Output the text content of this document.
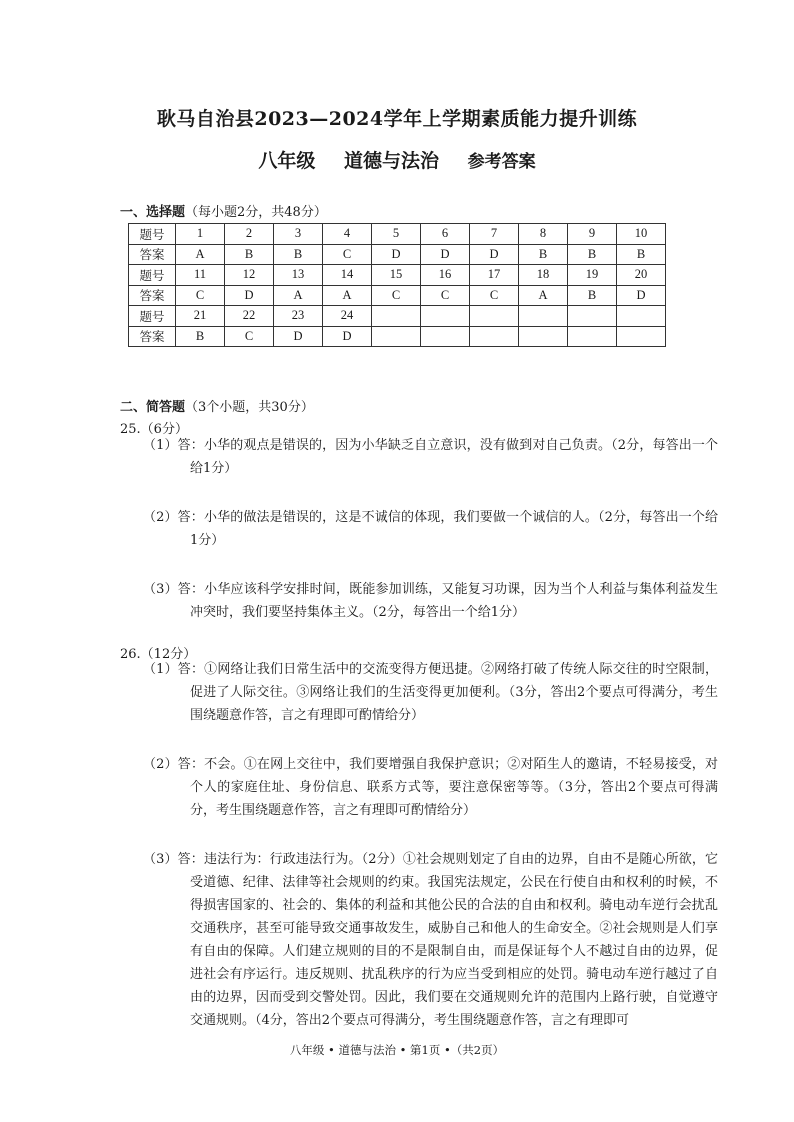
耿马自治县2023—2024学年上学期素质能力提升训练
八年级 道德与法治 参考答案
一、选择题（每小题2分，共48分）
题号	1	2	3	4	5	6	7	8	9	10
答案	A	B	B	C	D	D	D	B	B	B
题号	11	12	13	14	15	16	17	18	19	20
答案	C	D	A	A	C	C	C	A	B	D
题号	21	22	23	24						
答案	B	C	D	D						
二、简答题（3个小题，共30分）
25.（6分）
（1）答：小华的观点是错误的，因为小华缺乏自立意识，没有做到对自己负责。（2分，每答出一个给1分）
（2）答：小华的做法是错误的，这是不诚信的体现，我们要做一个诚信的人。（2分，每答出一个给1分）
（3）答：小华应该科学安排时间，既能参加训练，又能复习功课，因为当个人利益与集体利益发生冲突时，我们要坚持集体主义。（2分，每答出一个给1分）
26.（12分）
（1）答：①网络让我们日常生活中的交流变得方便迅捷。②网络打破了传统人际交往的时空限制，促进了人际交往。③网络让我们的生活变得更加便利。（3分，答出2个要点可得满分，考生围绕题意作答，言之有理即可酌情给分）
（2）答：不会。①在网上交往中，我们要增强自我保护意识；②对陌生人的邀请，不轻易接受，对个人的家庭住址、身份信息、联系方式等，要注意保密等等。（3分，答出2个要点可得满分，考生围绕题意作答，言之有理即可酌情给分）
（3）答：违法行为：行政违法行为。（2分）①社会规则划定了自由的边界，自由不是随心所欲，它受道德、纪律、法律等社会规则的约束。我国宪法规定，公民在行使自由和权利的时候，不得损害国家的、社会的、集体的利益和其他公民的合法的自由和权利。骑电动车逆行会扰乱交通秩序，甚至可能导致交通事故发生，威胁自己和他人的生命安全。②社会规则是人们享有自由的保障。人们建立规则的目的不是限制自由，而是保证每个人不越过自由的边界，促进社会有序运行。违反规则、扰乱秩序的行为应当受到相应的处罚。骑电动车逆行越过了自由的边界，因而受到交警处罚。因此，我们要在交通规则允许的范围内上路行驶，自觉遵守交通规则。（4分，答出2个要点可得满分，考生围绕题意作答，言之有理即可
八年级 • 道德与法治 • 第1页 •（共2页）
